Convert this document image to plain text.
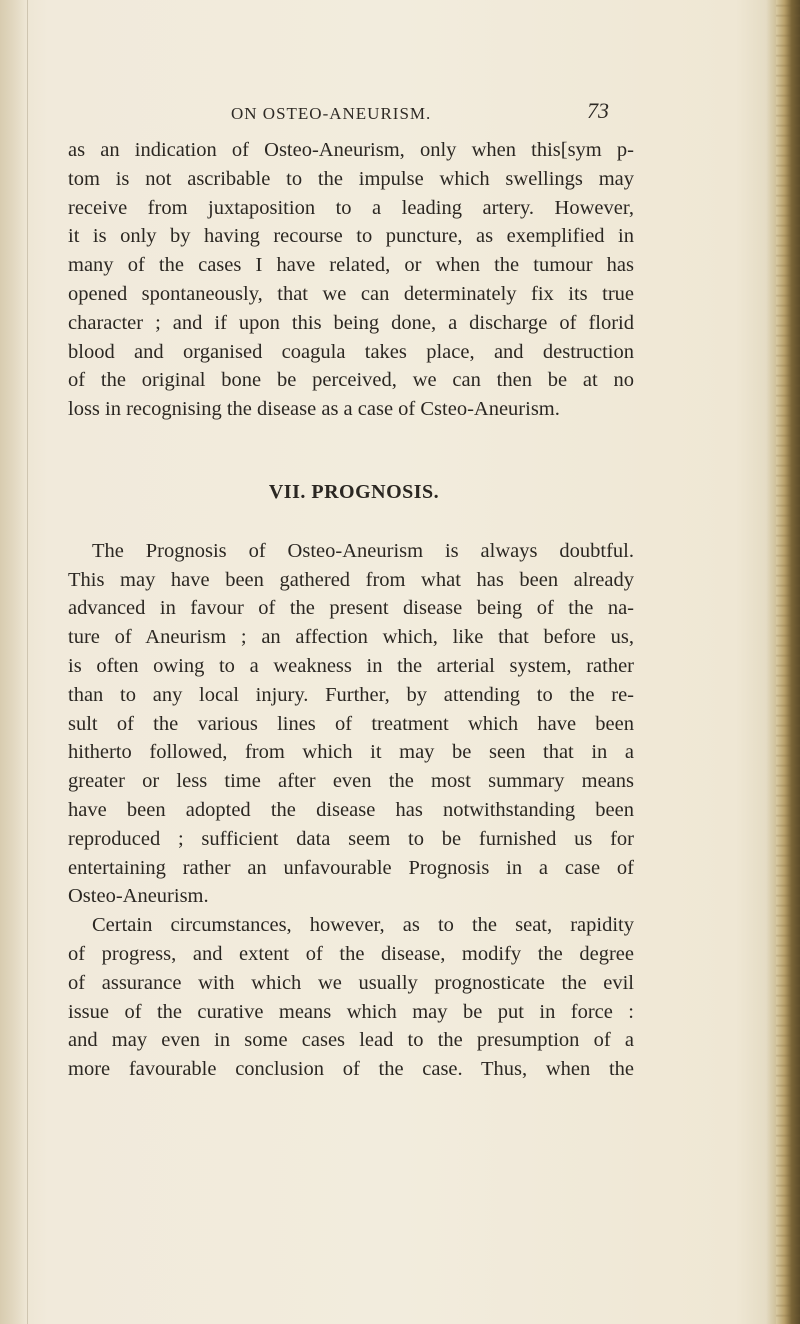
ON OSTEO-ANEURISM.	73
as an indication of Osteo-Aneurism, only when this[sym p-
tom is not ascribable to the impulse which swellings may
receive from juxtaposition to a leading artery. However,
it is only by having recourse to puncture, as exemplified in
many of the cases I have related, or when the tumour has
opened spontaneously, that we can determinately fix its true
character ; and if upon this being done, a discharge of florid
blood and organised coagula takes place, and destruction
of the original bone be perceived, we can then be at no
loss in recognising the disease as a case of Csteo-Aneurism.
VII. PROGNOSIS.
The Prognosis of Osteo-Aneurism is always doubtful.
This may have been gathered from what has been already
advanced in favour of the present disease being of the na-
ture of Aneurism ; an affection which, like that before us,
is often owing to a weakness in the arterial system, rather
than to any local injury. Further, by attending to the re-
sult of the various lines of treatment which have been
hitherto followed, from which it may be seen that in a
greater or less time after even the most summary means
have been adopted the disease has notwithstanding been
reproduced ; sufficient data seem to be furnished us for
entertaining rather an unfavourable Prognosis in a case of
Osteo-Aneurism.
Certain circumstances, however, as to the seat, rapidity
of progress, and extent of the disease, modify the degree
of assurance with which we usually prognosticate the evil
issue of the curative means which may be put in force :
and may even in some cases lead to the presumption of a
more favourable conclusion of the case. Thus, when the
